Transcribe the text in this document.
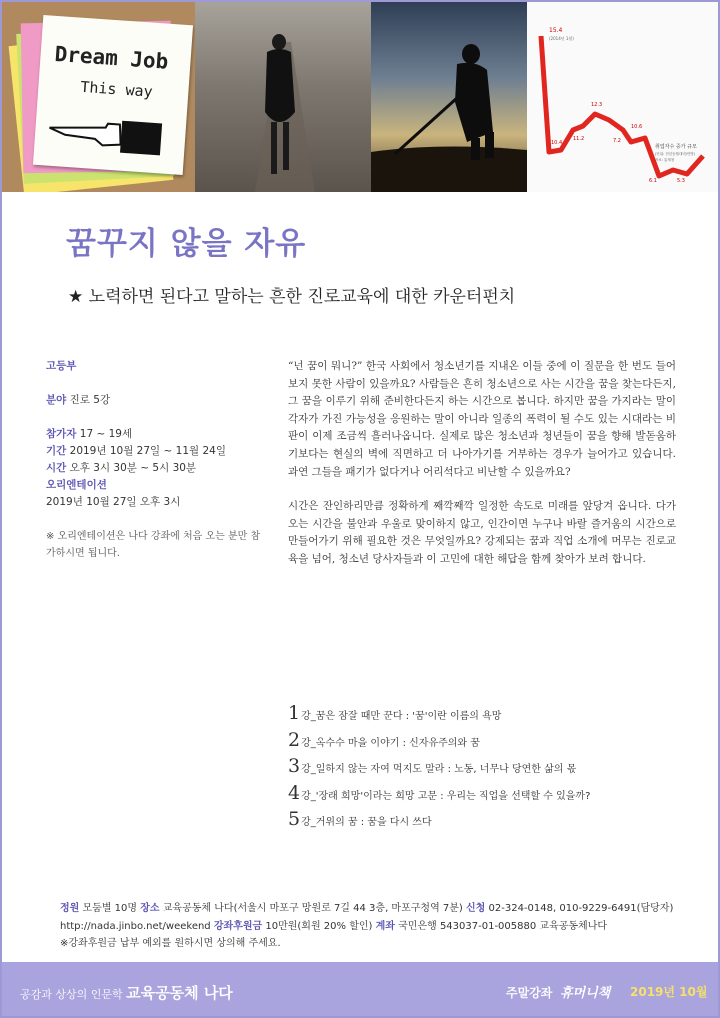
Dream Job
This way
15.4
(2014년 1월)
10.4
11.2
12.3
7.2
10.6
6.1	5.3
취업자수 증가 규모
(단위: 전년동월대비/만명)
자료: 통계청
꿈꾸지 않을 자유
★ 노력하면 된다고 말하는 흔한 진로교육에 대한 카운터펀치
고등부
분야 진로 5강
참가자 17 ~ 19세
기간 2019년 10월 27일 ~ 11월 24일
시간 오후 3시 30분 ~ 5시 30분
오리엔테이션
2019년 10월 27일 오후 3시
※ 오리엔테이션은 나다 강좌에 처음 오는 분만 참가하시면 됩니다.

“넌 꿈이 뭐니?” 한국 사회에서 청소년기를 지내온 이들 중에 이 질문을 한 번도 들어보지 못한 사람이 있을까요? 사람들은 흔히 청소년으로 사는 시간을 꿈을 찾는다든지, 그 꿈을 이루기 위해 준비한다든지 하는 시간으로 봅니다. 하지만 꿈을 가지라는 말이 각자가 가진 가능성을 응원하는 말이 아니라 일종의 폭력이 될 수도 있는 시대라는 비판이 이제 조금씩 흘러나옵니다. 실제로 많은 청소년과 청년들이 꿈을 향해 발돋움하기보다는 현실의 벽에 직면하고 더 나아가기를 거부하는 경우가 늘어가고 있습니다. 과연 그들을 패기가 없다거나 어리석다고 비난할 수 있을까요?

시간은 잔인하리만큼 정확하게 째깍째깍 일정한 속도로 미래를 앞당겨 옵니다. 다가오는 시간을 불안과 우울로 맞이하지 않고, 인간이면 누구나 바랄 즐거움의 시간으로 만들어가기 위해 필요한 것은 무엇일까요? 강제되는 꿈과 직업 소개에 머무는 진로교육을 넘어, 청소년 당사자들과 이 고민에 대한 해답을 함께 찾아가 보려 합니다.

1 강_꿈은 잠잘 때만 꾼다 : '꿈'이란 이름의 욕망
2 강_옥수수 마을 이야기 : 신자유주의와 꿈
3 강_일하지 않는 자여 먹지도 말라 : 노동, 너무나 당연한 삶의 몫
4 강_'장래 희망'이라는 희망 고문 : 우리는 직업을 선택할 수 있을까?
5 강_거위의 꿈 : 꿈을 다시 쓰다
정원 모둠별 10명 장소 교육공동체 나다(서울시 마포구 망원로 7길 44 3층, 마포구청역 7분) 신청 02-324-0148, 010-9229-6491(담당자)
http://nada.jinbo.net/weekend 강좌후원금 10만원(회원 20% 할인) 계좌 국민은행 543037-01-005880 교육공동체나다
※강좌후원금 납부 예외를 원하시면 상의해 주세요.
공감과 상상의 인문학 교육공동체 나다	주말강좌 휴머니책 2019년 10월
